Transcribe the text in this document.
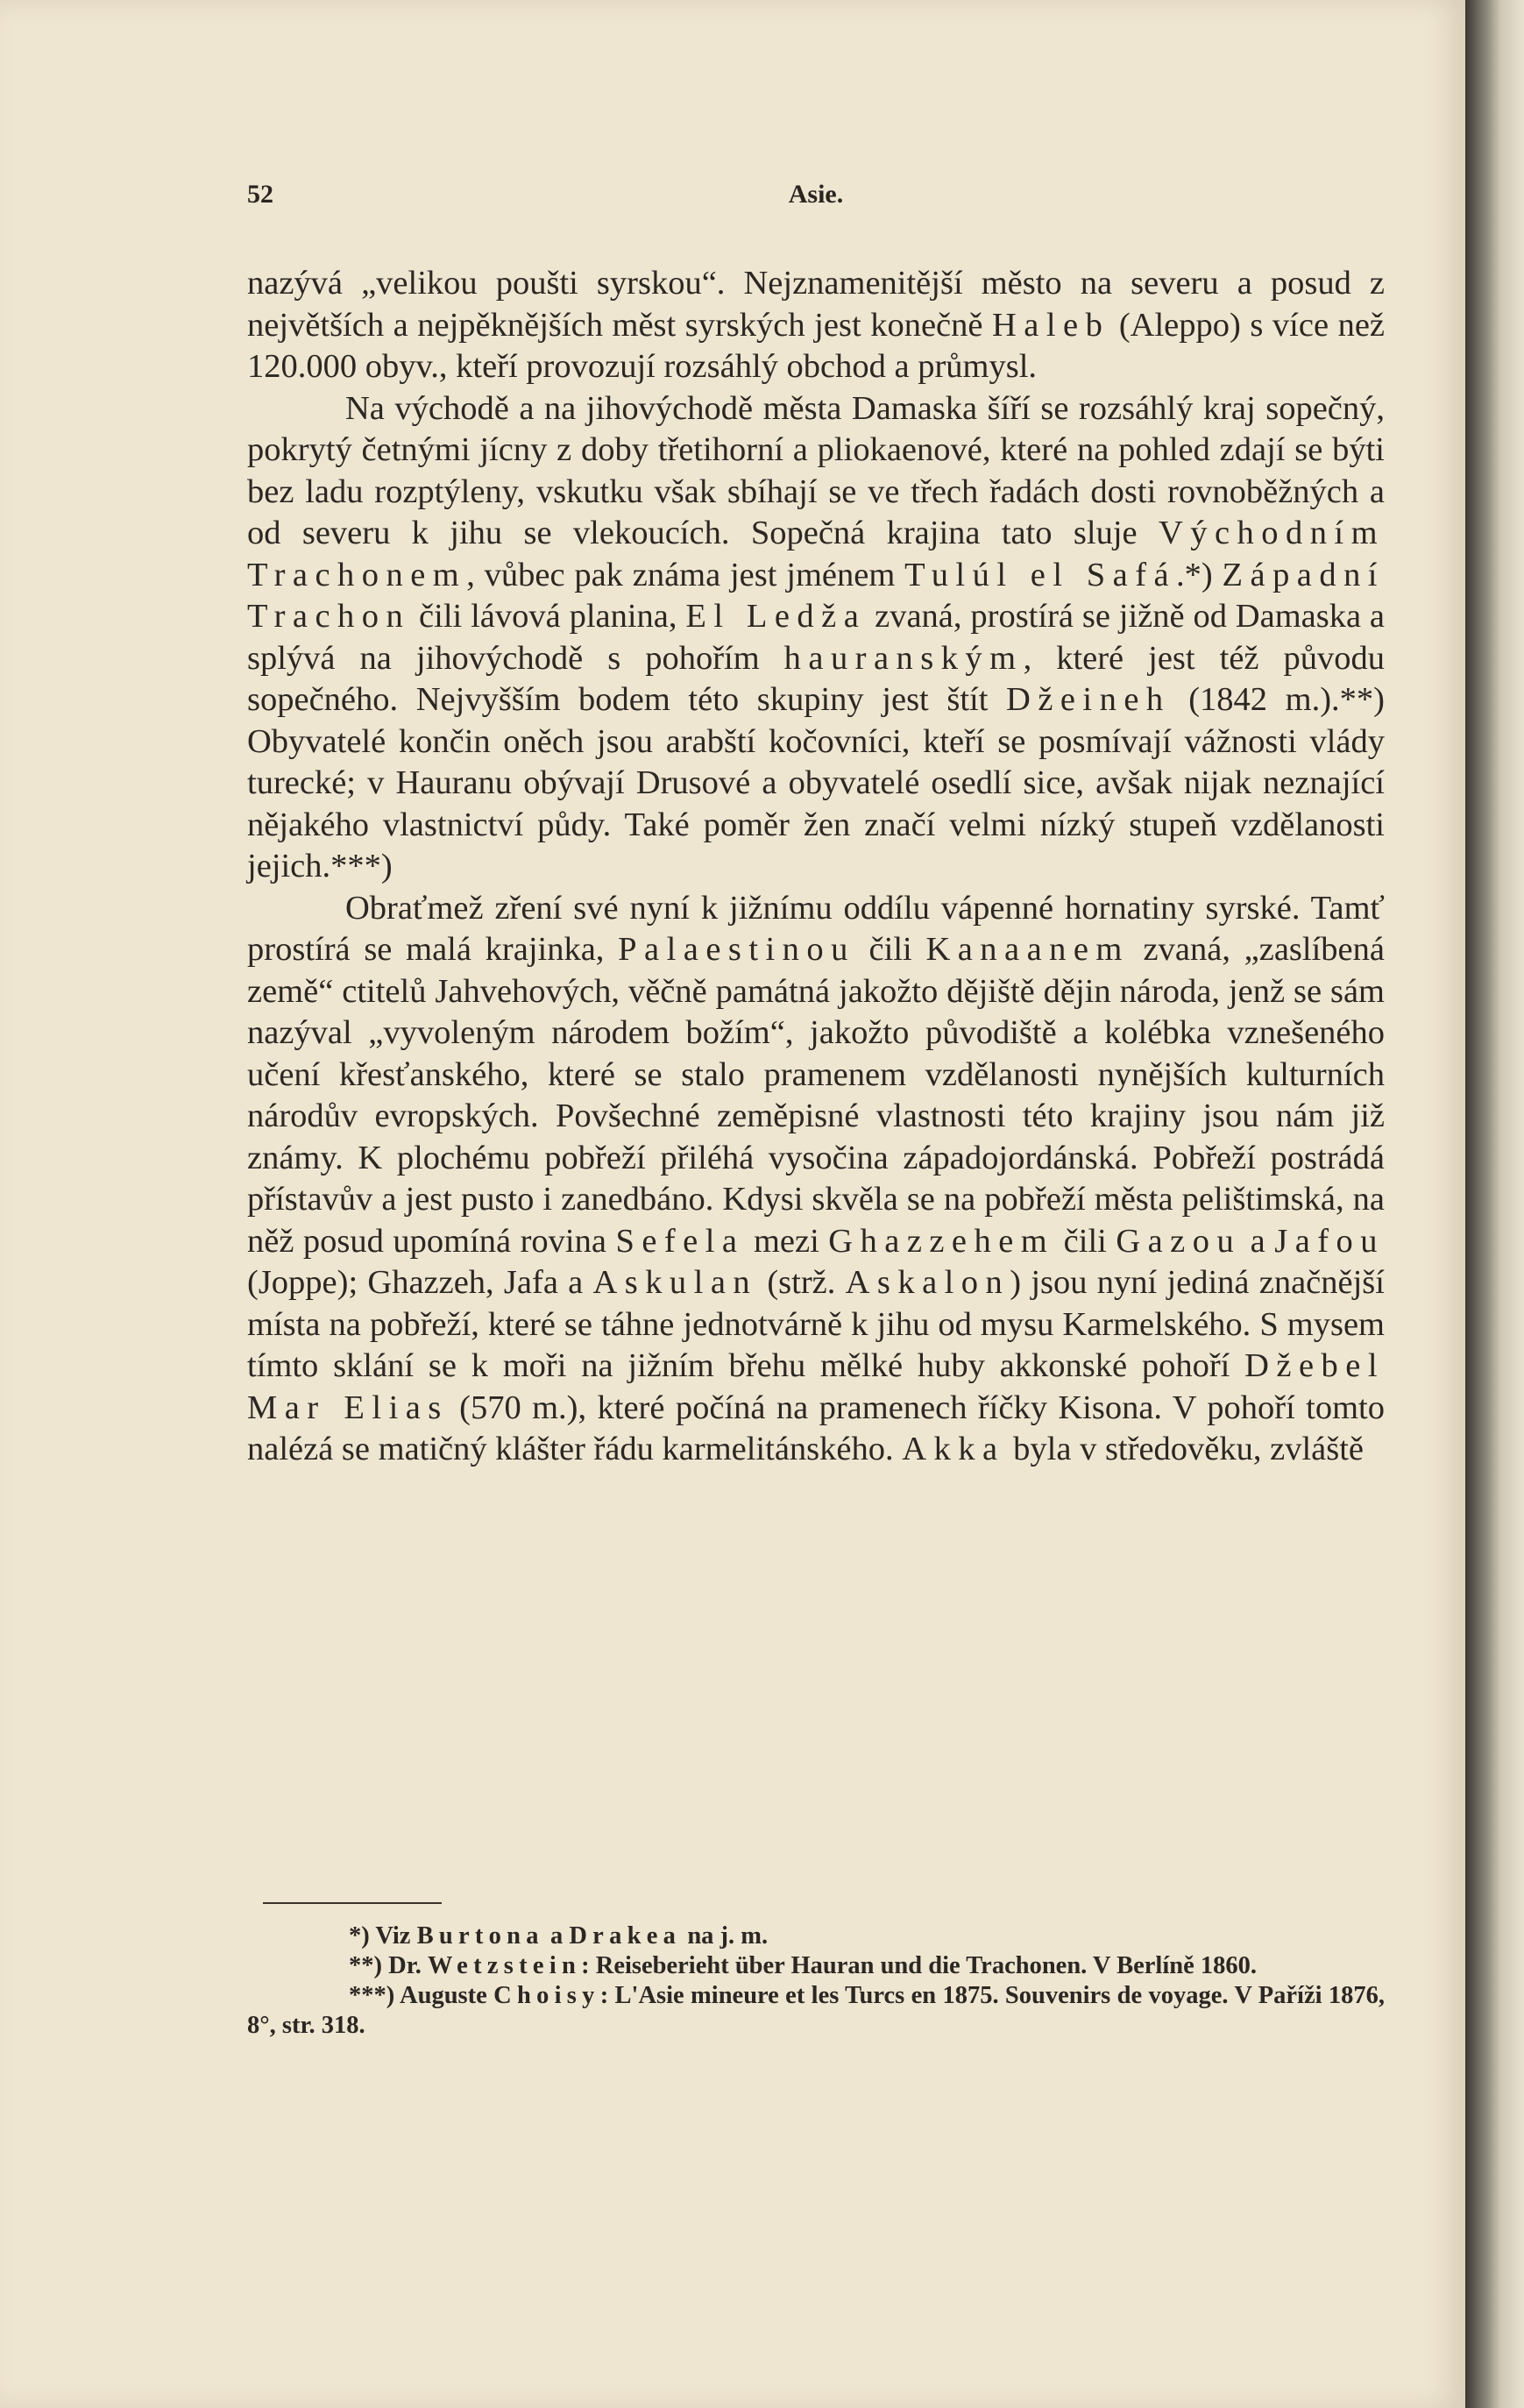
52	Asie.

nazývá „velikou poušti syrskou“. Nejznamenitější město na severu a posud z největších a nejpěknějších měst syrských jest konečně Haleb (Aleppo) s více než 120.000 obyv., kteří provozují rozsáhlý obchod a průmysl.

Na východě a na jihovýchodě města Damaska šíří se rozsáhlý kraj sopečný, pokrytý četnými jícny z doby třetihorní a pliokaenové, které na pohled zdají se býti bez ladu rozptýleny, vskutku však sbíhají se ve třech řadách dosti rovnoběžných a od severu k jihu se vlekoucích. Sopečná krajina tato sluje Východním Trachonem, vůbec pak známa jest jménem Tulúl el Safá.*) Západní Trachon čili lávová planina, El Ledža zvaná, prostírá se jižně od Damaska a splývá na jihovýchodě s pohořím hauranským, které jest též původu sopečného. Nejvyšším bodem této skupiny jest štít Džeineh (1842 m.).**) Obyvatelé končin oněch jsou arabští kočovníci, kteří se posmívají vážnosti vlády turecké; v Hauranu obývají Drusové a obyvatelé osedlí sice, avšak nijak neznající nějakého vlastnictví půdy. Také poměr žen značí velmi nízký stupeň vzdělanosti jejich.***)

Obraťmež zření své nyní k jižnímu oddílu vápenné hornatiny syrské. Tamť prostírá se malá krajinka, Palaestinou čili Kanaanem zvaná, „zaslíbená země“ ctitelů Jahvehových, věčně památná jakožto dějiště dějin národa, jenž se sám nazýval „vyvoleným národem božím“, jakožto původiště a kolébka vznešeného učení křesťanského, které se stalo pramenem vzdělanosti nynějších kulturních národův evropských. Povšechné zeměpisné vlastnosti této krajiny jsou nám již známy. K plochému pobřeží přiléhá vysočina západojordánská. Pobřeží postrádá přístavův a jest pusto i zanedbáno. Kdysi skvěla se na pobřeží města pelištimská, na něž posud upomíná rovina Sefela mezi Ghazzehem čili Gazou a Jafou (Joppe); Ghazzeh, Jafa a Askulan (strž. Askalon) jsou nyní jediná značnější místa na pobřeží, které se táhne jednotvárně k jihu od mysu Karmelského. S mysem tímto sklání se k moři na jižním břehu mělké huby akkonské pohoří Džebel Mar Elias (570 m.), které počíná na pramenech říčky Kisona. V pohoří tomto nalézá se matičný klášter řádu karmelitánského. Akka byla v středověku, zvláště

*) Viz Burtona a Drakea na j. m.

**) Dr. Wetzstein: Reiseberieht über Hauran und die Trachonen. V Berlíně 1860.

***) Auguste Choisy: L'Asie mineure et les Turcs en 1875. Souvenirs de voyage. V Paříži 1876, 8°, str. 318.
